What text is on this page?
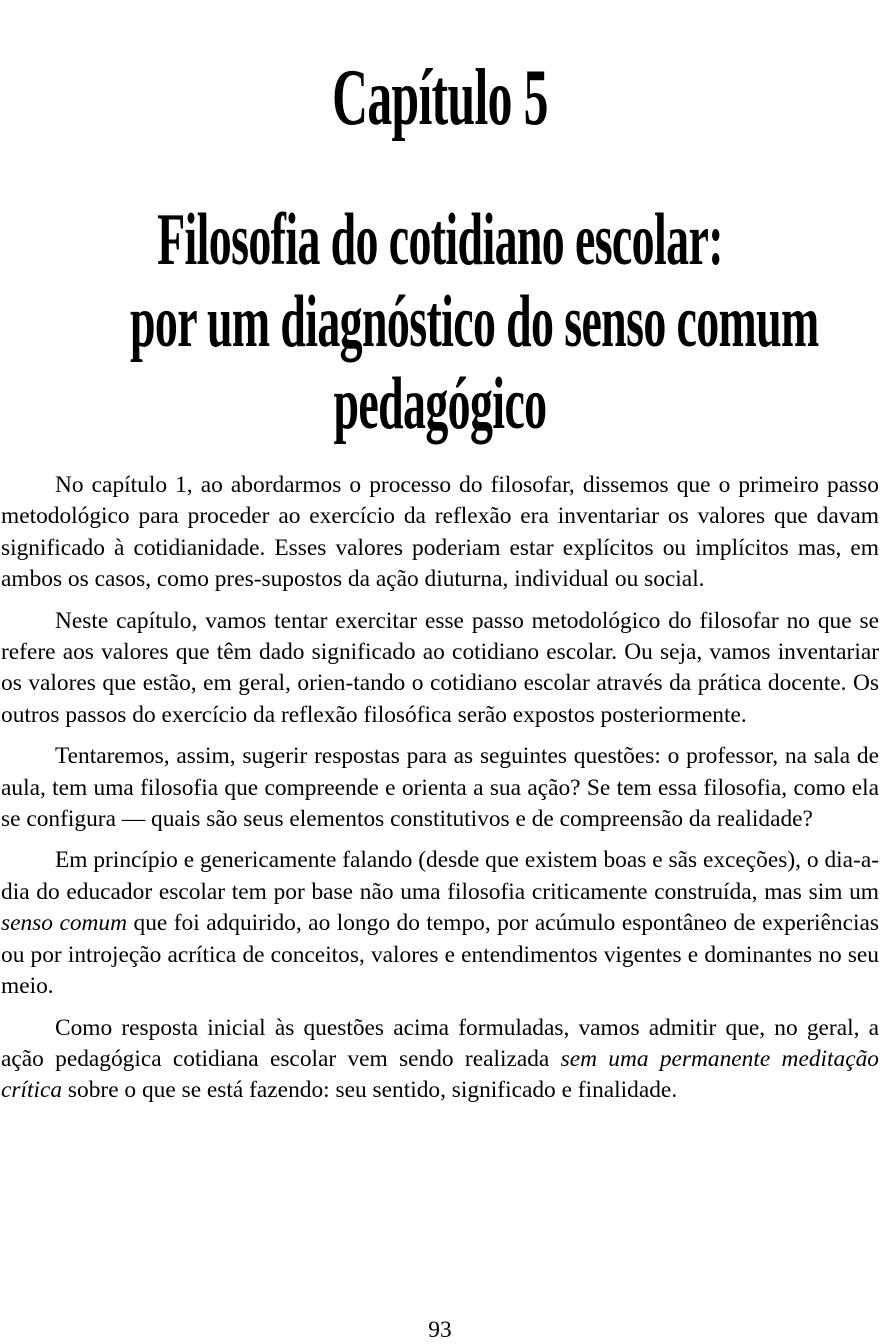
Capítulo 5
Filosofia do cotidiano escolar:
por um diagnóstico do senso comum
pedagógico

No capítulo 1, ao abordarmos o processo do filosofar, dissemos que o primeiro passo metodológico para proceder ao exercício da reflexão era inventariar os valores que davam significado à cotidianidade. Esses valores poderiam estar explícitos ou implícitos mas, em ambos os casos, como pres-supostos da ação diuturna, individual ou social.

Neste capítulo, vamos tentar exercitar esse passo metodológico do filosofar no que se refere aos valores que têm dado significado ao cotidiano escolar. Ou seja, vamos inventariar os valores que estão, em geral, orien-tando o cotidiano escolar através da prática docente. Os outros passos do exercício da reflexão filosófica serão expostos posteriormente.

Tentaremos, assim, sugerir respostas para as seguintes questões: o professor, na sala de aula, tem uma filosofia que compreende e orienta a sua ação? Se tem essa filosofia, como ela se configura — quais são seus elementos constitutivos e de compreensão da realidade?

Em princípio e genericamente falando (desde que existem boas e sãs exceções), o dia-a-dia do educador escolar tem por base não uma filosofia criticamente construída, mas sim um senso comum que foi adquirido, ao longo do tempo, por acúmulo espontâneo de experiências ou por introjeção acrítica de conceitos, valores e entendimentos vigentes e dominantes no seu meio.

Como resposta inicial às questões acima formuladas, vamos admitir que, no geral, a ação pedagógica cotidiana escolar vem sendo realizada sem uma permanente meditação crítica sobre o que se está fazendo: seu sentido, significado e finalidade.

93
